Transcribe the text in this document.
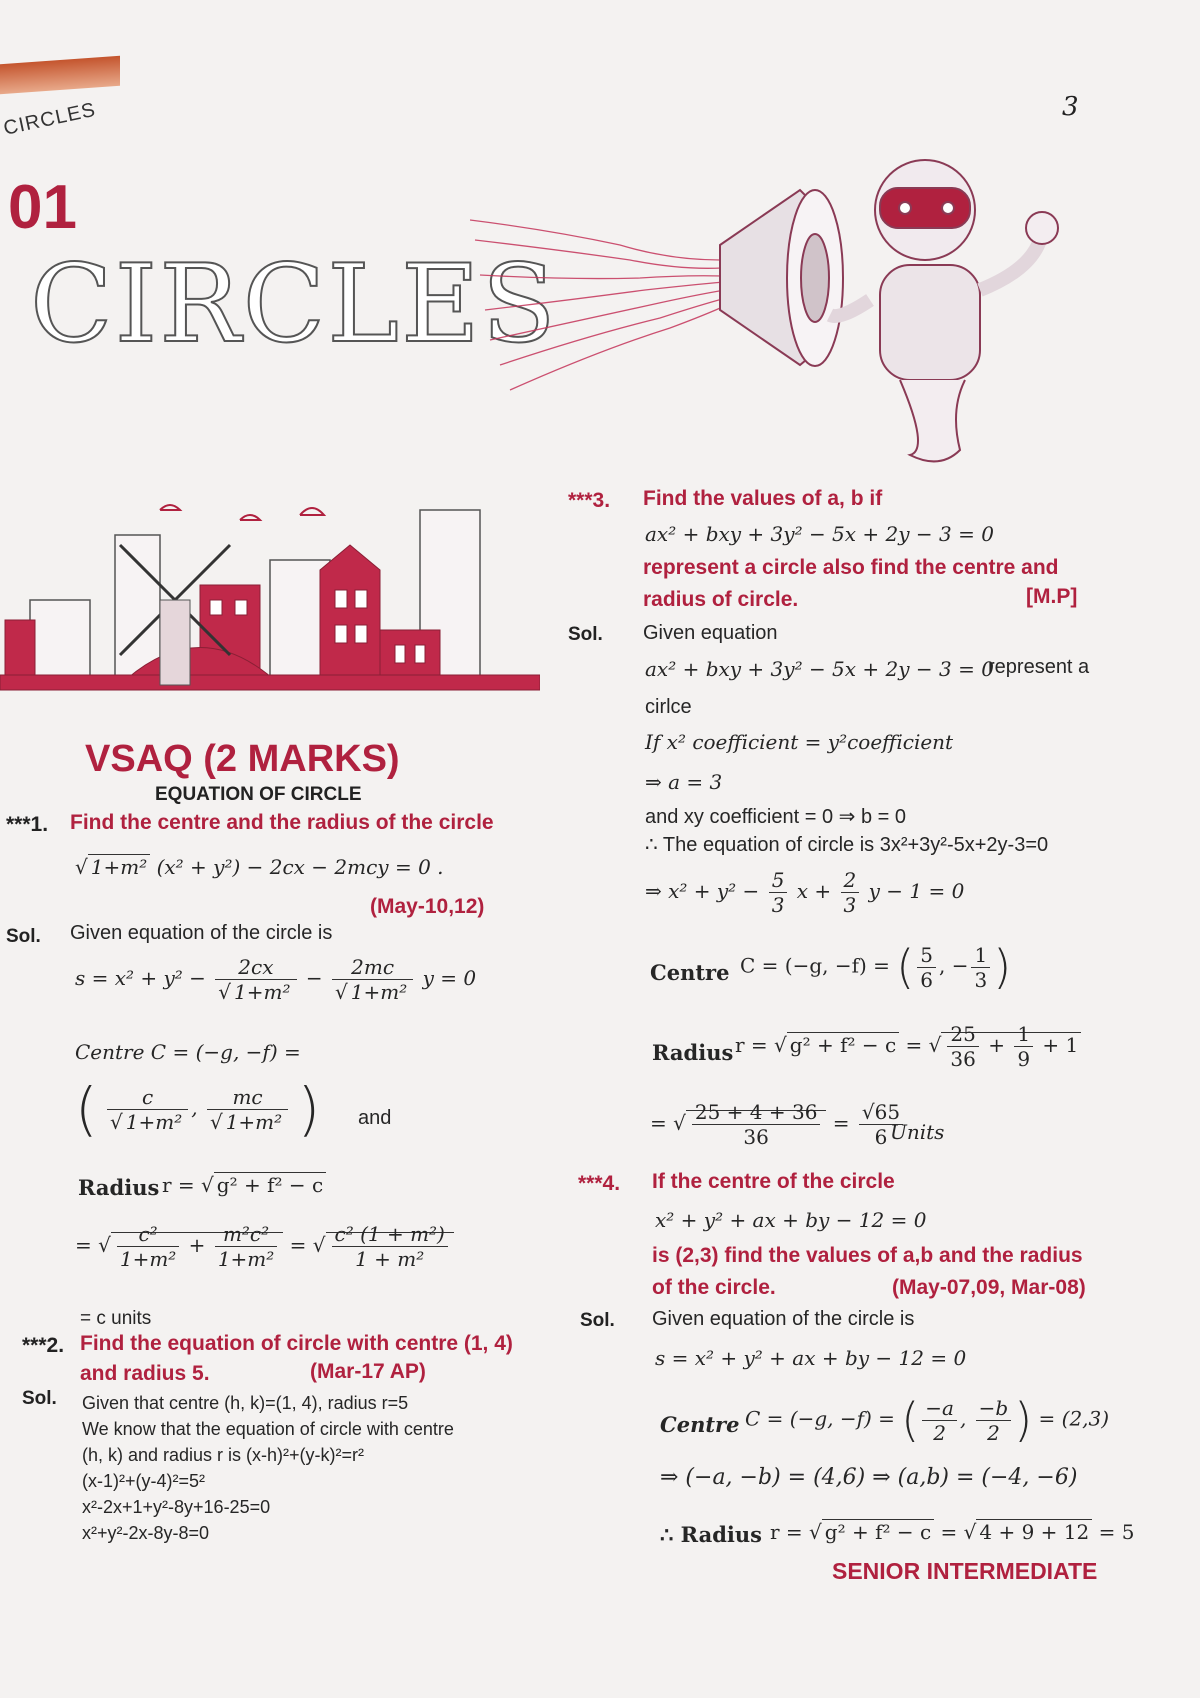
CIRCLES
01
CIRCLES
3
VSAQ (2 MARKS)
EQUATION OF CIRCLE
***1. Find the centre and the radius of the circle
√ 1+m² (x² + y²) − 2cx − 2mcy = 0 .
(May-10,12)
Sol. Given equation of the circle is
$s = x^2 + y^2 - \frac{2cx}{\text{√ 1+m²}} - \frac{2mc}{\text{√ 1+m²}}$ y = 0
Centre C = (−g, −f) =
( $\frac{c}{\text{√ 1+m²}}$ , $\frac{mc}{\text{√ 1+m²}}$ ) and
Radius r = √ g² + f² − c
= √ $\frac{\text{c²}}{\text{1+m²}} + \frac{\text{m²c²}}{\text{1+m²}}$ = √ $\frac{\text{c² (1 + m²)}}{\text{1 + m²}}$
= c units
***2. Find the equation of circle with centre (1, 4)
and radius 5.	(Mar-17 AP)
Sol. Given that centre (h, k)=(1, 4), radius r=5
We know that the equation of circle with centre
(h, k) and radius r is (x-h)²+(y-k)²=r²
(x-1)²+(y-4)²=5²
x²-2x+1+y²-8y+16-25=0
x²+y²-2x-8y-8=0
***3. Find the values of a, b if
ax² + bxy + 3y² − 5x + 2y − 3 = 0
represent a circle also find the centre and
radius of circle.	[M.P]
Sol. Given equation
ax² + bxy + 3y² − 5x + 2y − 3 = 0
represent a
cirlce
If x² coefficient = y²coefficient
⇒ a = 3
and xy coefficient = 0 ⇒ b = 0
∴ The equation of circle is 3x²+3y²-5x+2y-3=0
⇒ $x^2 + y^2 - \frac{5}{3}$ $x + \frac{2}{3}$ y − 1 = 0
Centre C = (−g, −f) = ( $\frac{5}{6}$ , − $\frac{1}{3}$ )
Radius r = √ g² + f² − c = √ $\frac{25}{36} + \frac{1}{9} + 1$
= √ $\frac{25 + 4 + 36}{36} = \frac{√65}{6}$
Units
***4. If the centre of the circle
x² + y² + ax + by − 12 = 0
is (2,3) find the values of a,b and the radius
of the circle.	(May-07,09, Mar-08)
Sol. Given equation of the circle is
s = x² + y² + ax + by − 12 = 0
Centre C = (−g, −f) = ( $\frac{-a}{2}$ , $\frac{-b}{2}$ ) = (2,3)
⇒ (−a, −b) = (4,6) ⇒ (a,b) = (−4, −6)
∴ Radius r = √ g² + f² − c = √ 4 + 9 + 12 = 5
SENIOR INTERMEDIATE
